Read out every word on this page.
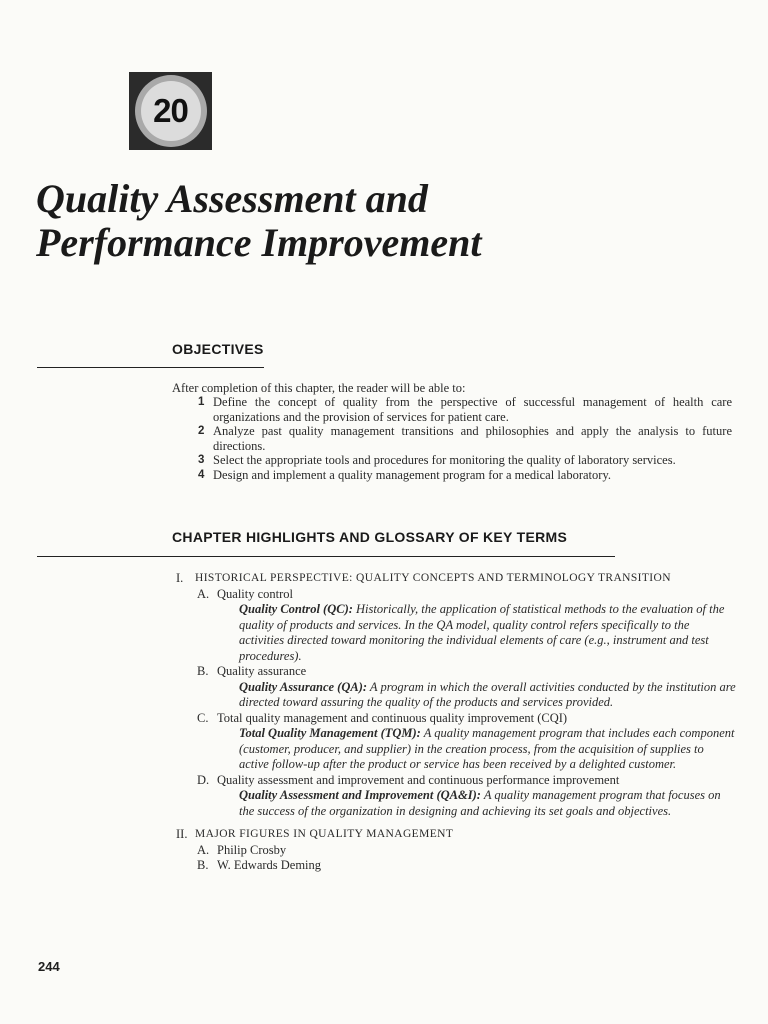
20
Quality Assessment and
Performance Improvement
OBJECTIVES

After completion of this chapter, the reader will be able to:

1 Define the concept of quality from the perspective of successful management of health care organizations and the provision of services for patient care.
2 Analyze past quality management transitions and philosophies and apply the analysis to future directions.
3 Select the appropriate tools and procedures for monitoring the quality of laboratory services.
4 Design and implement a quality management program for a medical laboratory.
CHAPTER HIGHLIGHTS AND GLOSSARY OF KEY TERMS
I. HISTORICAL PERSPECTIVE: QUALITY CONCEPTS AND TERMINOLOGY TRANSITION
A. Quality control
Quality Control (QC): Historically, the application of statistical methods to the evaluation of the quality of products and services. In the QA model, quality control refers specifically to the activities directed toward monitoring the individual elements of care (e.g., instrument and test procedures).
B. Quality assurance
Quality Assurance (QA): A program in which the overall activities conducted by the institution are directed toward assuring the quality of the products and services provided.
C. Total quality management and continuous quality improvement (CQI)
Total Quality Management (TQM): A quality management program that includes each component (customer, producer, and supplier) in the creation process, from the acquisition of supplies to active follow-up after the product or service has been received by a delighted customer.
D. Quality assessment and improvement and continuous performance improvement
Quality Assessment and Improvement (QA&I): A quality management program that focuses on the success of the organization in designing and achieving its set goals and objectives.
II. MAJOR FIGURES IN QUALITY MANAGEMENT
A. Philip Crosby
B. W. Edwards Deming
244
